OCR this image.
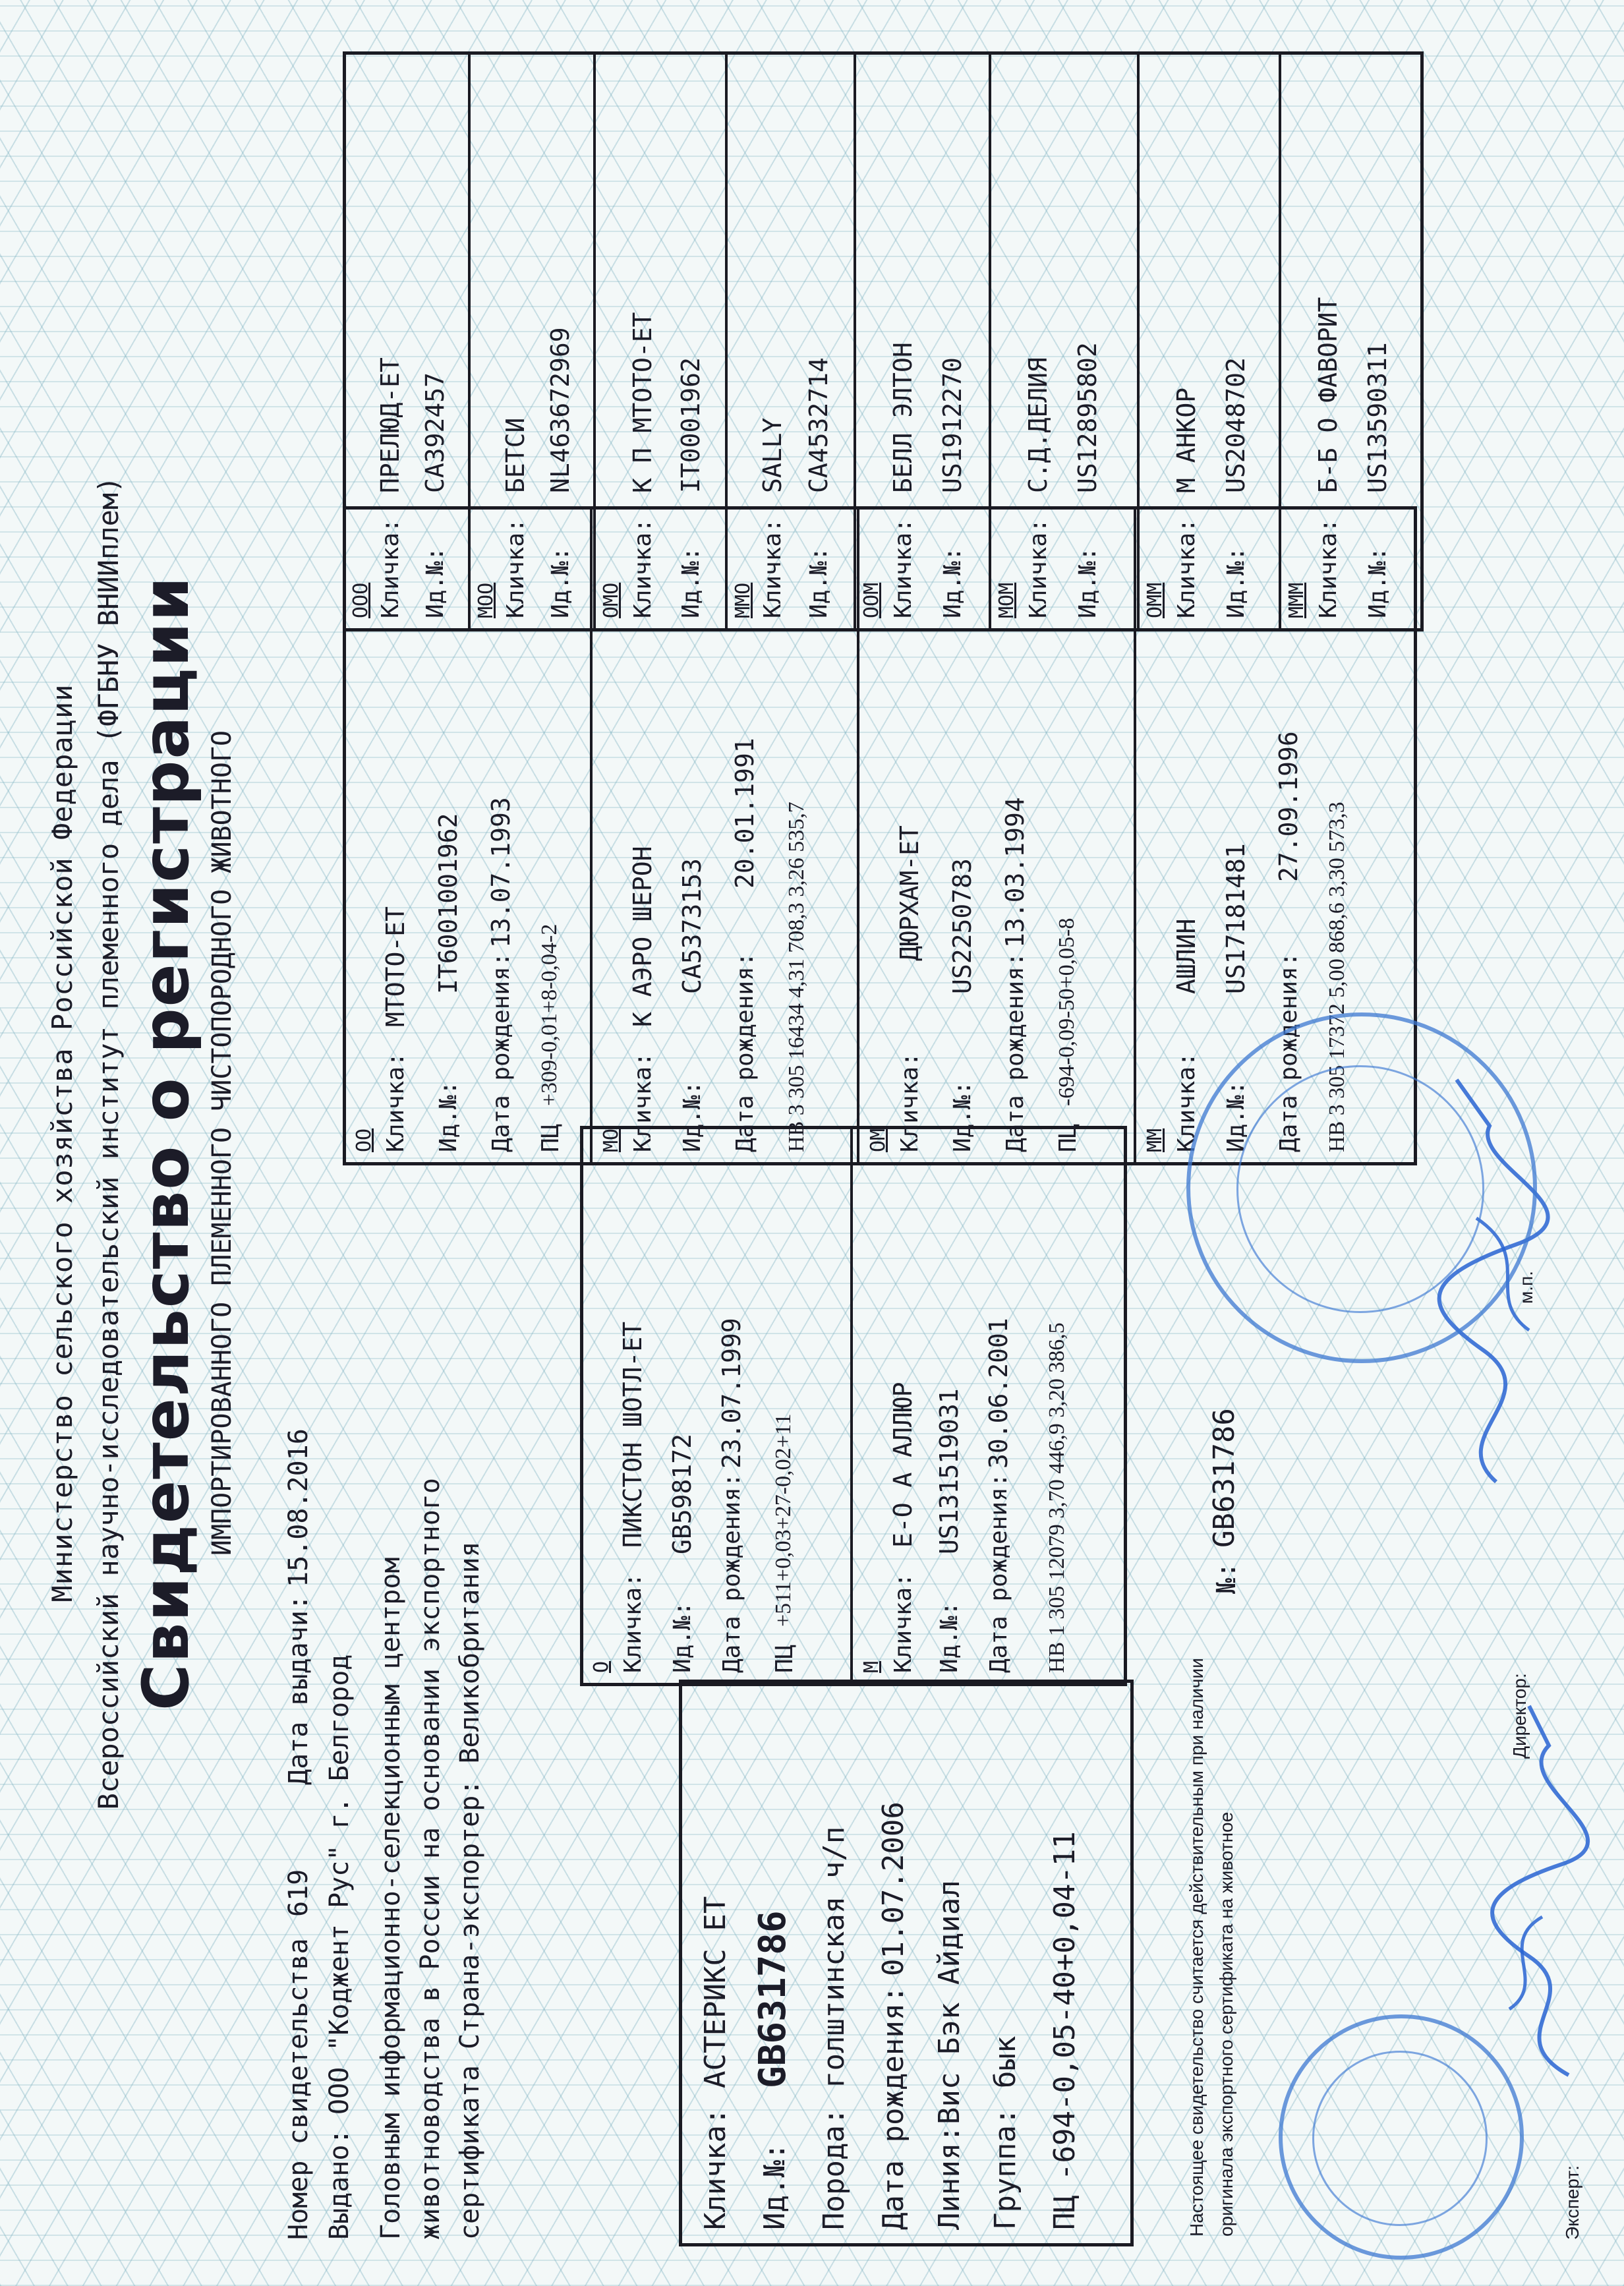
Министерство сельского хозяйства Российской Федерации Всероссийский научно-исследовательский институт племенного дела (ФГБНУ ВНИИплем) Свидетельство о регистрации ИМПОРТИРОВАННОГО ПЛЕМЕННОГО ЧИСТОПОРОДНОГО ЖИВОТНОГО
Номер свидетельства
619
Дата выдачи:
15.08.2016
Выдано:
ООО "Коджент Рус" г. Белгород Головным информационно-селекционным центром животноводства в России на основании экспортного сертификата Страна-экспортер: Великобритания	Кличка:
АСТЕРИКС ЕТ
Ид.№:
GB631786
Порода:
голштинская ч/п
Дата рождения:
01.07.2006
Линия:
Вис Бэк Айдиал
Группа:
бык
ПЦ
-694-0,05-40+0,04-11
О Кличка:
ПИКСТОН ШОТЛ-ЕТ
Ид.№:
GB598172 Дата рождения:
23.07.1999
ПЦ
+511+0,03+27-0,02+11
М Кличка:
Е-О А АЛЛЮР
Ид.№:
US131519031
Дата рождения:
30.06.2001 НВ 1 305 12079 3,70 446,9 3,20 386,5
ОО Кличка:
МТОТО-ЕТ
Ид.№:
IT6001001962
Дата рождения:
13.07.1993
ПЦ
+309-0,01+8-0,04-2
МО Кличка:
К АЭРО ШЕРОН
Ид.№:
CA5373153
Дата рождения:
20.01.1991 НВ 3 305 16434 4,31 708,3 3,26 535,7	ОМ Кличка:
ДЮРХАМ-ЕТ
Ид.№:
US2250783
Дата рождения:
13.03.1994
ПЦ
-694-0,09-50+0,05-8
ММ Кличка:
АШЛИН
Ид.№:
US17181481
Дата рождения:
27.09.1996 НВ 3 305 17372 5,00 868,6 3,30 573,3
ООО Кличка:
ПРЕЛЮД-ЕТ
Ид.№:
CA392457
МОО Кличка:
БЕТСИ
Ид.№:
NL463672969
ОМО Кличка:
К П МТОТО-ЕТ
Ид.№:
IT0001962
ММО Кличка:
SALLY
Ид.№:
CA4532714
ООМ Кличка:
БЕЛЛ ЭЛТОН
Ид.№:
US1912270
МОМ Кличка:
С.Д.ДЕЛИЯ
Ид.№:
US12895802
ОММ Кличка:
М АНКОР
Ид.№:
US2048702
МММ Кличка:
Б-Б О ФАВОРИТ
Ид.№:
US13590311
Настоящее свидетельство считается действительным при наличии оригинала экспортного сертификата на животное
№:
GB631786
Директор:
м.п.
Эксперт:
